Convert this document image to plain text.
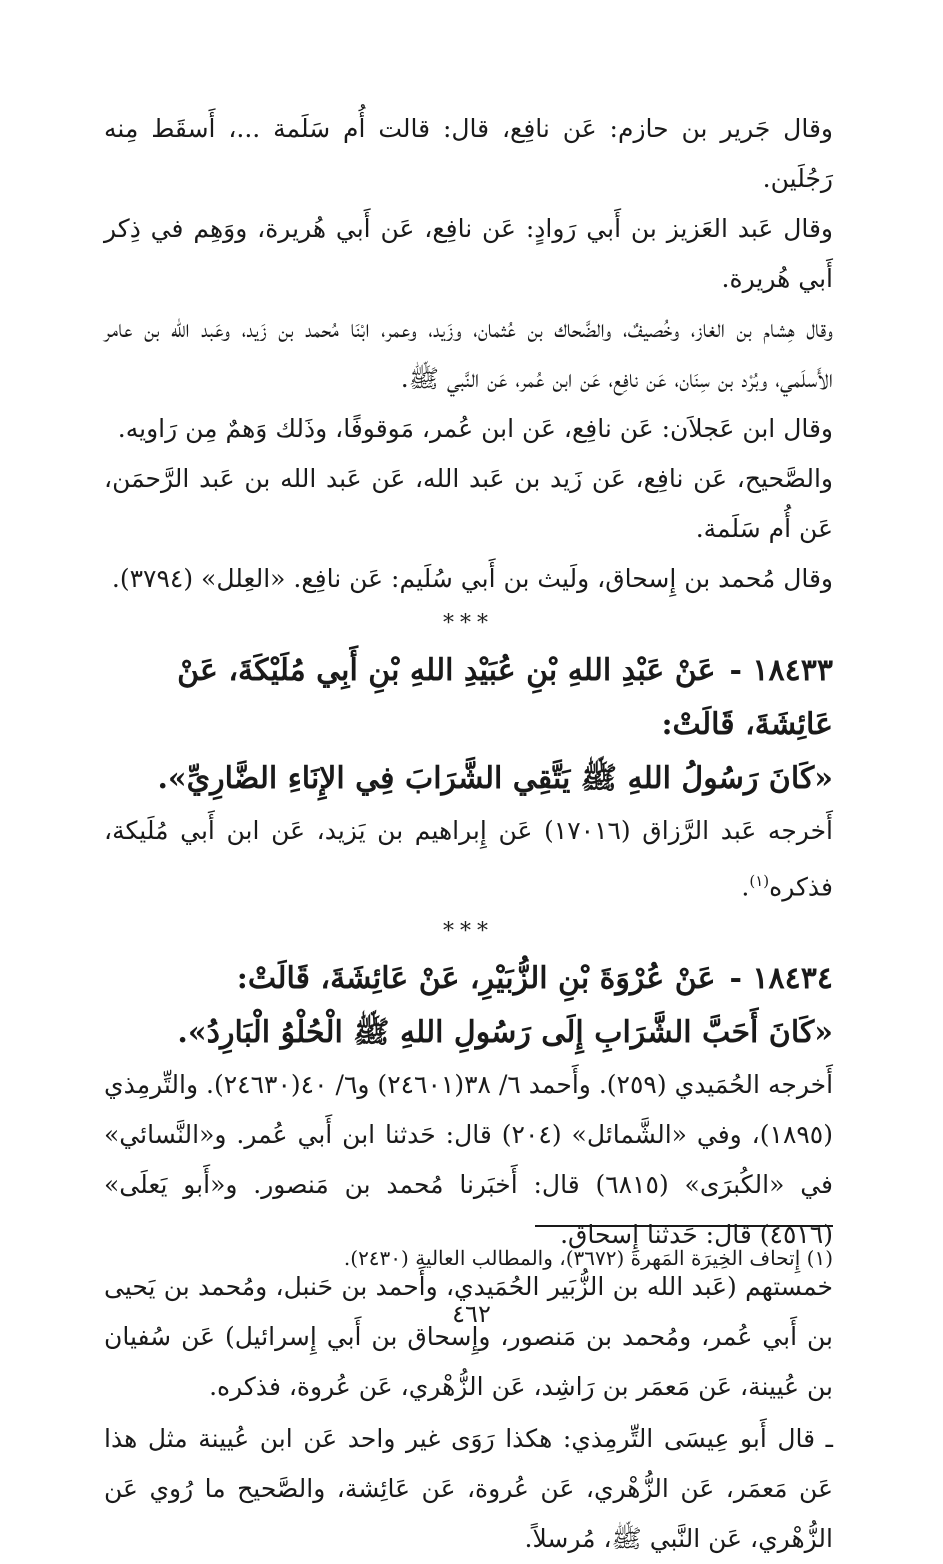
وقال جَرير بن حازم: عَن نافِع، قال: قالت أُم سَلَمة ...، أَسقَط مِنه رَجُلَين.

وقال عَبد العَزيز بن أَبي رَوادٍ: عَن نافِع، عَن أَبي هُريرة، ووَهِم في ذِكر أَبي هُريرة.

وقال هِشام بن الغاز، وخُصيفٌ، والضَّحاك بن عُثمان، وزَيد، وعمر، ابْنَا مُحمد بن زَيد، وعَبد الله بن عامر الأَسلَمي، وبُرْد بن سِنَان، عَن نافِع، عَن ابن عُمر، عَن النَّبي ﷺ.

وقال ابن عَجلاَن: عَن نافِع، عَن ابن عُمر، مَوقوفًا، وذَلك وَهمٌ مِن رَاويه.

والصَّحيح، عَن نافِع، عَن زَيد بن عَبد الله، عَن عَبد الله بن عَبد الرَّحمَن، عَن أُم سَلَمة.

وقال مُحمد بن إِسحاق، ولَيث بن أَبي سُلَيم: عَن نافِع. «العِلل» (٣٧٩٤).

***

١٨٤٣٣ -عَنْ عَبْدِ اللهِ بْنِ عُبَيْدِ اللهِ بْنِ أَبِي مُلَيْكَةَ، عَنْ عَائِشَةَ، قَالَتْ:

«كَانَ رَسُولُ اللهِ ﷺ يَتَّقِي الشَّرَابَ فِي الإِنَاءِ الضَّارِيِّ».

أَخرجه عَبد الرَّزاق (١٧٠١٦) عَن إِبراهيم بن يَزيد، عَن ابن أَبي مُلَيكة، فذكره$^{(١)}$.

***

١٨٤٣٤ -عَنْ عُرْوَةَ بْنِ الزُّبَيْرِ، عَنْ عَائِشَةَ، قَالَتْ:

«كَانَ أَحَبَّ الشَّرَابِ إِلَى رَسُولِ اللهِ ﷺ الْحُلْوُ الْبَارِدُ».

أَخرجه الحُمَيدي (٢٥٩). وأَحمد ٦/ ٣٨(٢٤٦٠١) و٦/ ٤٠(٢٤٦٣٠). والتِّرمِذي (١٨٩٥)، وفي «الشَّمائل» (٢٠٤) قال: حَدثنا ابن أَبي عُمر. و«النَّسائي» في «الكُبرَى» (٦٨١٥) قال: أَخبَرنا مُحمد بن مَنصور. و«أَبو يَعلَى» (٤٥١٦) قال: حَدثنا إِسحاق.

خمستهم (عَبد الله بن الزُّبَير الحُمَيدي، وأَحمد بن حَنبل، ومُحمد بن يَحيى بن أَبي عُمر، ومُحمد بن مَنصور، وإِسحاق بن أَبي إِسرائيل) عَن سُفيان بن عُيينة، عَن مَعمَر بن رَاشِد، عَن الزُّهْري، عَن عُروة، فذكره.

ـ قال أَبو عِيسَى التِّرمِذي: هكذا رَوَى غير واحد عَن ابن عُيينة مثل هذا عَن مَعمَر، عَن الزُّهْري، عَن عُروة، عَن عَائِشة، والصَّحيح ما رُوي عَن الزُّهْري، عَن النَّبي ﷺ، مُرسلاً.

(١) إِتحاف الخِيرَة المَهرة (٣٦٧٢)، والمطالب العالية (٢٤٣٠).

٤٦٢
